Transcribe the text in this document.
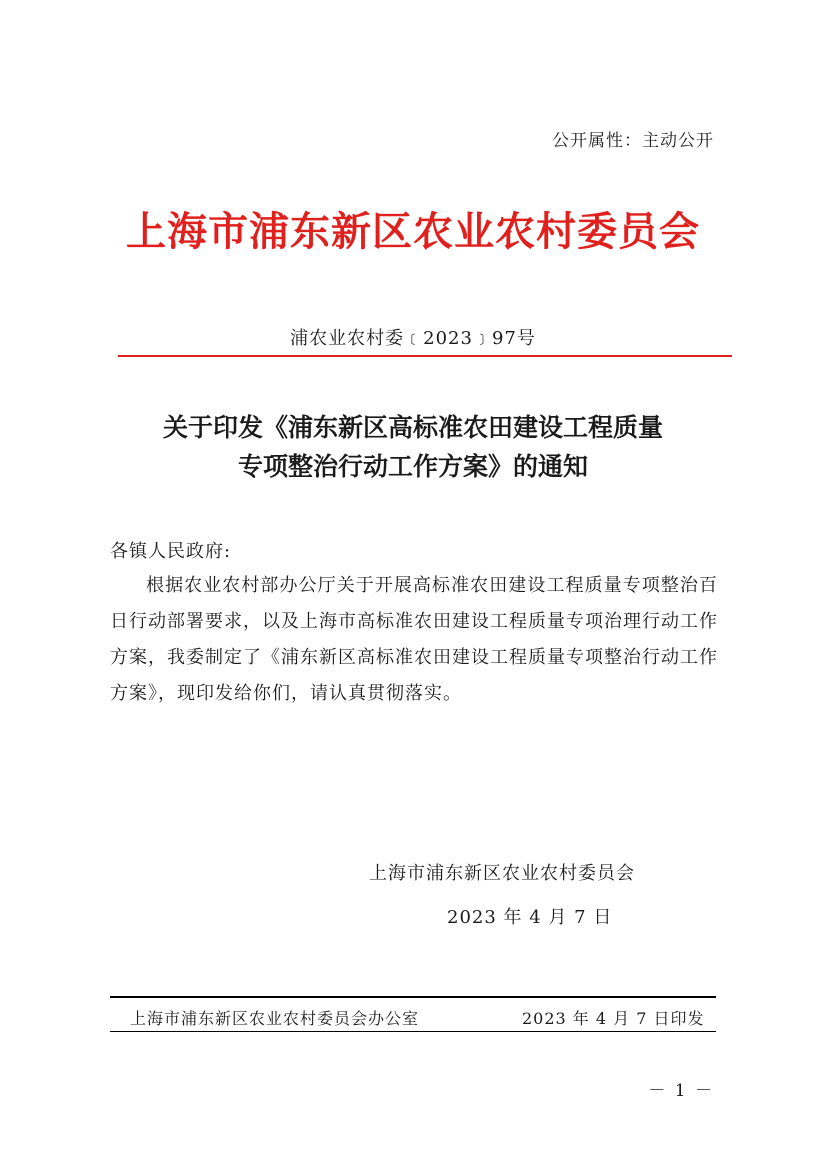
公开属性：主动公开
上海市浦东新区农业农村委员会
浦农业农村委﹝2023﹞97号
关于印发《浦东新区高标准农田建设工程质量
专项整治行动工作方案》的通知
各镇人民政府:
根据农业农村部办公厅关于开展高标准农田建设工程质量专项整治百日行动部署要求，以及上海市高标准农田建设工程质量专项治理行动工作方案，我委制定了《浦东新区高标准农田建设工程质量专项整治行动工作方案》，现印发给你们，请认真贯彻落实。
上海市浦东新区农业农村委员会
2023 年 4 月 7 日
上海市浦东新区农业农村委员会办公室	2023 年 4 月 7 日印发
－ 1 －
